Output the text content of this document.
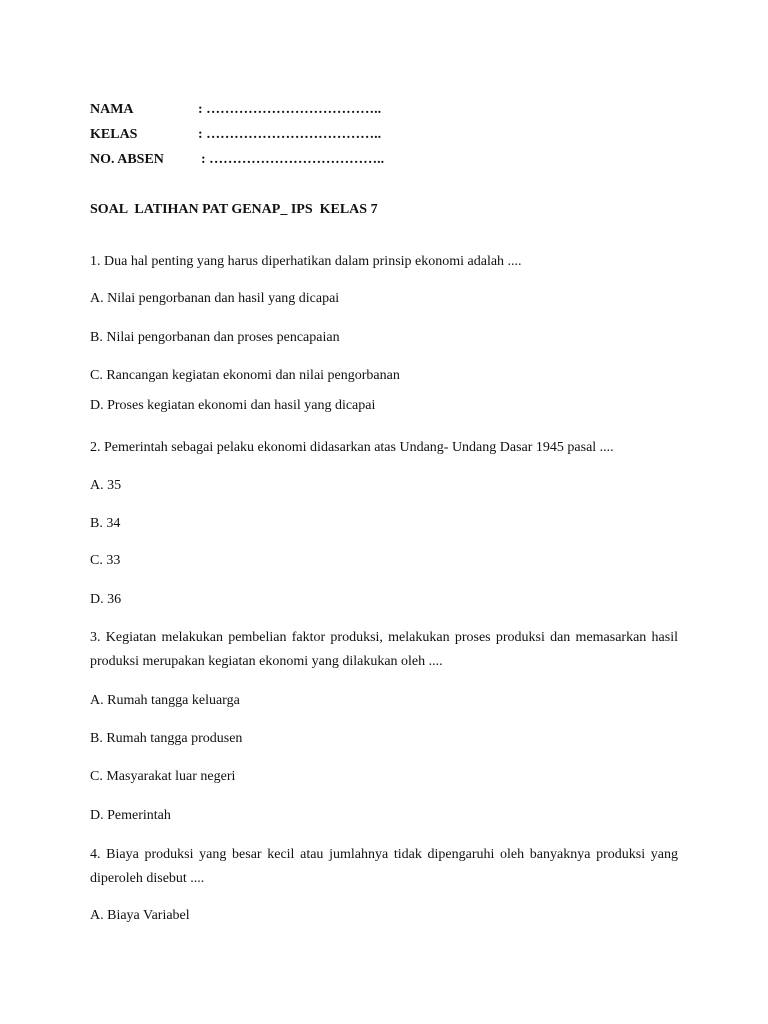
NAMA	: ………………………………..
KELAS	: ………………………………..
NO. ABSEN	: ………………………………..
SOAL  LATIHAN PAT GENAP_ IPS  KELAS 7
1. Dua hal penting yang harus diperhatikan dalam prinsip ekonomi adalah ....
A. Nilai pengorbanan dan hasil yang dicapai
B. Nilai pengorbanan dan proses pencapaian
C. Rancangan kegiatan ekonomi dan nilai pengorbanan
D. Proses kegiatan ekonomi dan hasil yang dicapai
2. Pemerintah sebagai pelaku ekonomi didasarkan atas Undang- Undang Dasar 1945 pasal ....
A. 35
B. 34
C. 33
D. 36
3. Kegiatan melakukan pembelian faktor produksi, melakukan proses produksi dan memasarkan hasil produksi merupakan kegiatan ekonomi yang dilakukan oleh ....
A. Rumah tangga keluarga
B. Rumah tangga produsen
C. Masyarakat luar negeri
D. Pemerintah
4. Biaya produksi yang besar kecil atau jumlahnya tidak dipengaruhi oleh banyaknya produksi yang diperoleh disebut ....
A. Biaya Variabel
